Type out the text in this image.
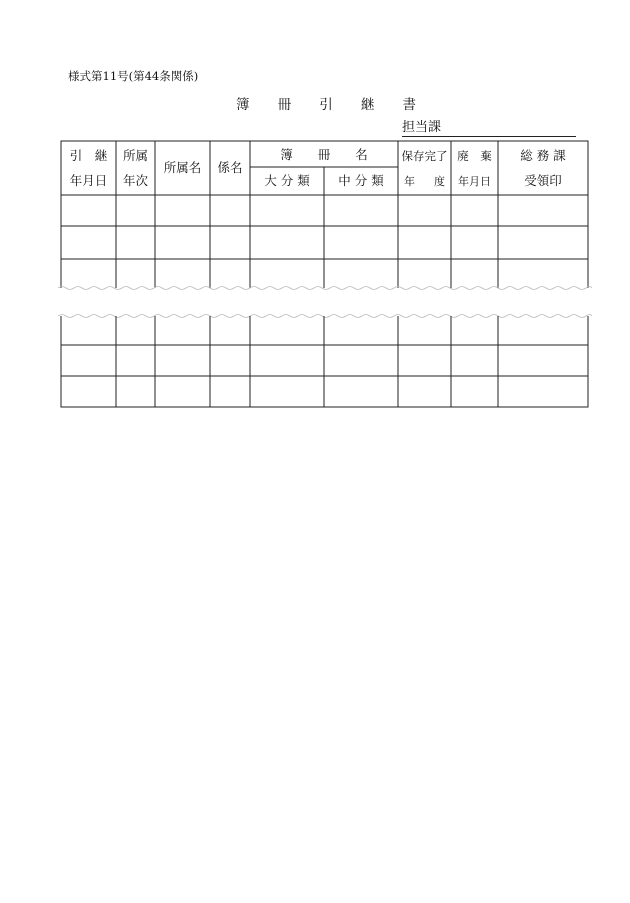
様式第11号(第44条関係)
簿 冊 引 継 書
担当課
引　継
年月日
所属
年次
所属名	係名
簿　　冊　　名
大 分 類	中 分 類
保存完了
年 度
廃　棄
年月日
総 務 課
受領印
